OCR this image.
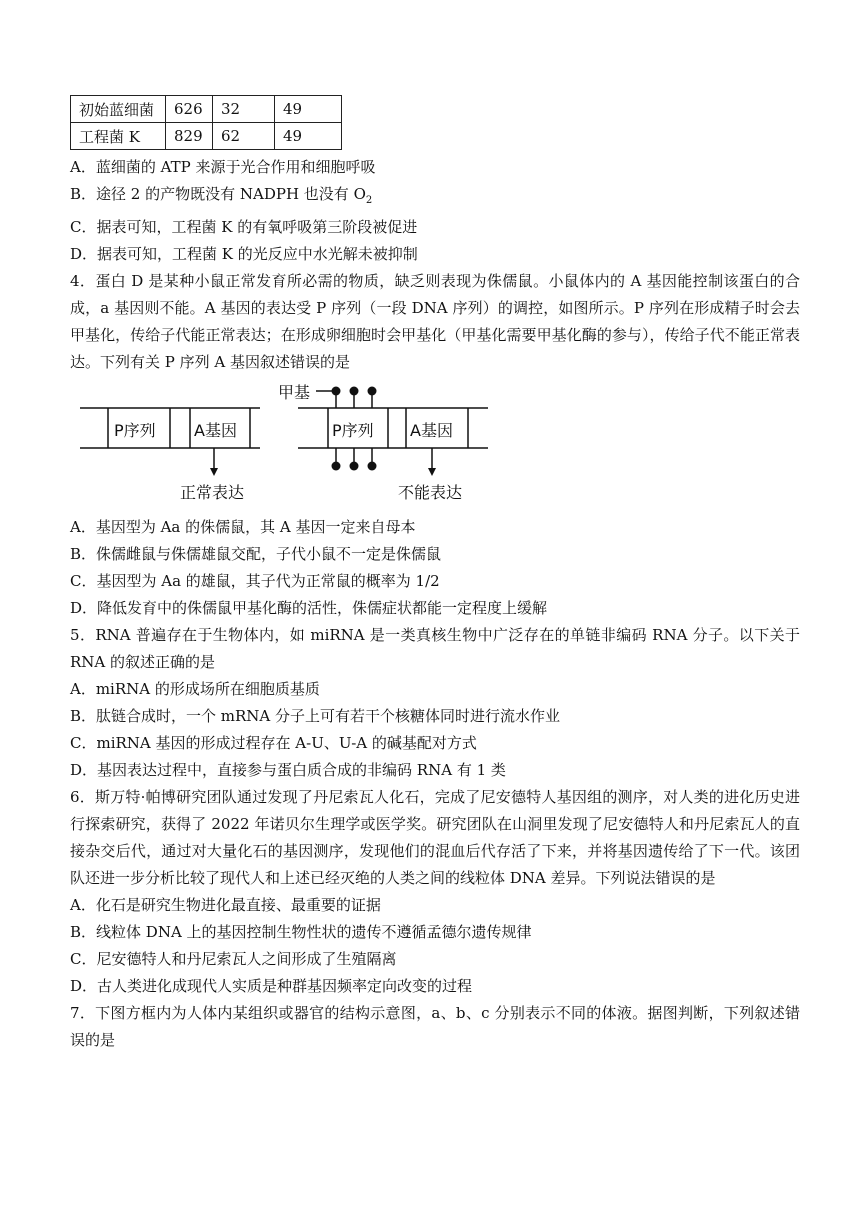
初始蓝细菌	626	32	49
工程菌 K	829	62	49
A．蓝细菌的 ATP 来源于光合作用和细胞呼吸
B．途径 2 的产物既没有 NADPH 也没有 $O_2$
C．据表可知，工程菌 K 的有氧呼吸第三阶段被促进
D．据表可知，工程菌 K 的光反应中水光解未被抑制
4．蛋白 D 是某种小鼠正常发育所必需的物质，缺乏则表现为侏儒鼠。小鼠体内的 A 基因能控制该蛋白的合成，a 基因则不能。A 基因的表达受 P 序列（一段 DNA 序列）的调控，如图所示。P 序列在形成精子时会去甲基化，传给子代能正常表达；在形成卵细胞时会甲基化（甲基化需要甲基化酶的参与），传给子代不能正常表达。下列有关 P 序列 A 基因叙述错误的是
甲基
P序列 A基因	P序列 A基因
正常表达	不能表达
A．基因型为 Aa 的侏儒鼠，其 A 基因一定来自母本
B．侏儒雌鼠与侏儒雄鼠交配，子代小鼠不一定是侏儒鼠
C．基因型为 Aa 的雄鼠，其子代为正常鼠的概率为 1/2
D．降低发育中的侏儒鼠甲基化酶的活性，侏儒症状都能一定程度上缓解
5．RNA 普遍存在于生物体内，如 miRNA 是一类真核生物中广泛存在的单链非编码 RNA 分子。以下关于 RNA 的叙述正确的是
A．miRNA 的形成场所在细胞质基质
B．肽链合成时，一个 mRNA 分子上可有若干个核糖体同时进行流水作业
C．miRNA 基因的形成过程存在 A-U、U-A 的碱基配对方式
D．基因表达过程中，直接参与蛋白质合成的非编码 RNA 有 1 类
6．斯万特·帕博研究团队通过发现了丹尼索瓦人化石，完成了尼安德特人基因组的测序，对人类的进化历史进行探索研究，获得了 2022 年诺贝尔生理学或医学奖。研究团队在山洞里发现了尼安德特人和丹尼索瓦人的直接杂交后代，通过对大量化石的基因测序，发现他们的混血后代存活了下来，并将基因遗传给了下一代。该团队还进一步分析比较了现代人和上述已经灭绝的人类之间的线粒体 DNA 差异。下列说法错误的是
A．化石是研究生物进化最直接、最重要的证据
B．线粒体 DNA 上的基因控制生物性状的遗传不遵循孟德尔遗传规律
C．尼安德特人和丹尼索瓦人之间形成了生殖隔离
D．古人类进化成现代人实质是种群基因频率定向改变的过程
7．下图方框内为人体内某组织或器官的结构示意图，a、b、c 分别表示不同的体液。据图判断，下列叙述错误的是
